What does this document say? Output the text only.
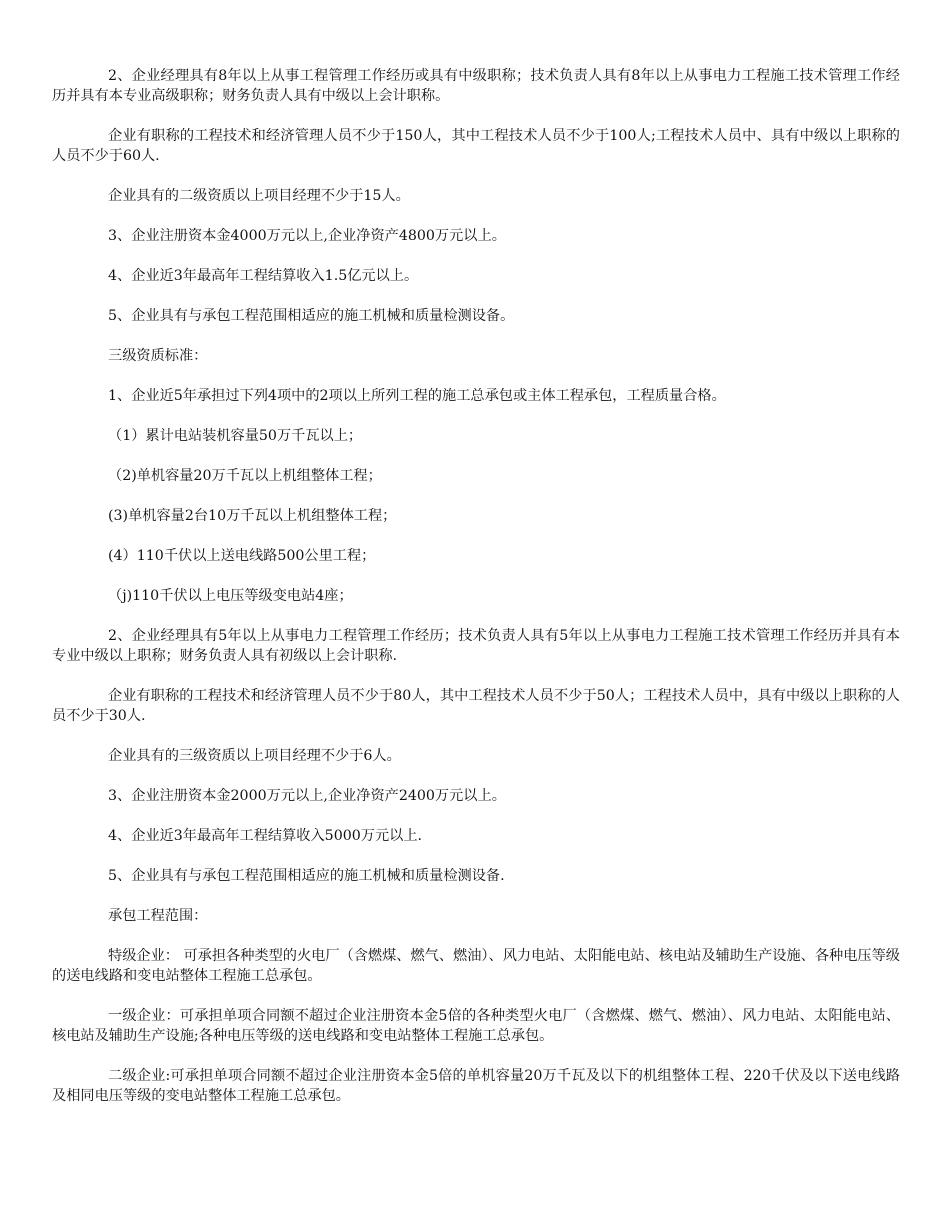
2、企业经理具有8年以上从事工程管理工作经历或具有中级职称；技术负责人具有8年以上从事电力工程施工技术管理工作经历并具有本专业高级职称；财务负责人具有中级以上会计职称。

企业有职称的工程技术和经济管理人员不少于150人，其中工程技术人员不少于100人;工程技术人员中、具有中级以上职称的人员不少于60人.

企业具有的二级资质以上项目经理不少于15人。

3、企业注册资本金4000万元以上,企业净资产4800万元以上。

4、企业近3年最高年工程结算收入1.5亿元以上。

5、企业具有与承包工程范围相适应的施工机械和质量检测设备。

三级资质标准：

1、企业近5年承担过下列4项中的2项以上所列工程的施工总承包或主体工程承包，工程质量合格。

（1）累计电站装机容量50万千瓦以上；

（2)单机容量20万千瓦以上机组整体工程；

(3)单机容量2台10万千瓦以上机组整体工程；

(4）110千伏以上送电线路500公里工程；

（j)110千伏以上电压等级变电站4座；

2、企业经理具有5年以上从事电力工程管理工作经历；技术负责人具有5年以上从事电力工程施工技术管理工作经历并具有本专业中级以上职称；财务负责人具有初级以上会计职称.

企业有职称的工程技术和经济管理人员不少于80人，其中工程技术人员不少于50人；工程技术人员中，具有中级以上职称的人员不少于30人.

企业具有的三级资质以上项目经理不少于6人。

3、企业注册资本金2000万元以上,企业净资产2400万元以上。

4、企业近3年最高年工程结算收入5000万元以上.

5、企业具有与承包工程范围相适应的施工机械和质量检测设备.

承包工程范围：

特级企业： 可承担各种类型的火电厂（含燃煤、燃气、燃油）、风力电站、太阳能电站、核电站及辅助生产设施、各种电压等级的送电线路和变电站整体工程施工总承包。

一级企业：可承担单项合同额不超过企业注册资本金5倍的各种类型火电厂（含燃煤、燃气、燃油）、风力电站、太阳能电站、核电站及辅助生产设施;各种电压等级的送电线路和变电站整体工程施工总承包。

二级企业:可承担单项合同额不超过企业注册资本金5倍的单机容量20万千瓦及以下的机组整体工程、220千伏及以下送电线路及相同电压等级的变电站整体工程施工总承包。
